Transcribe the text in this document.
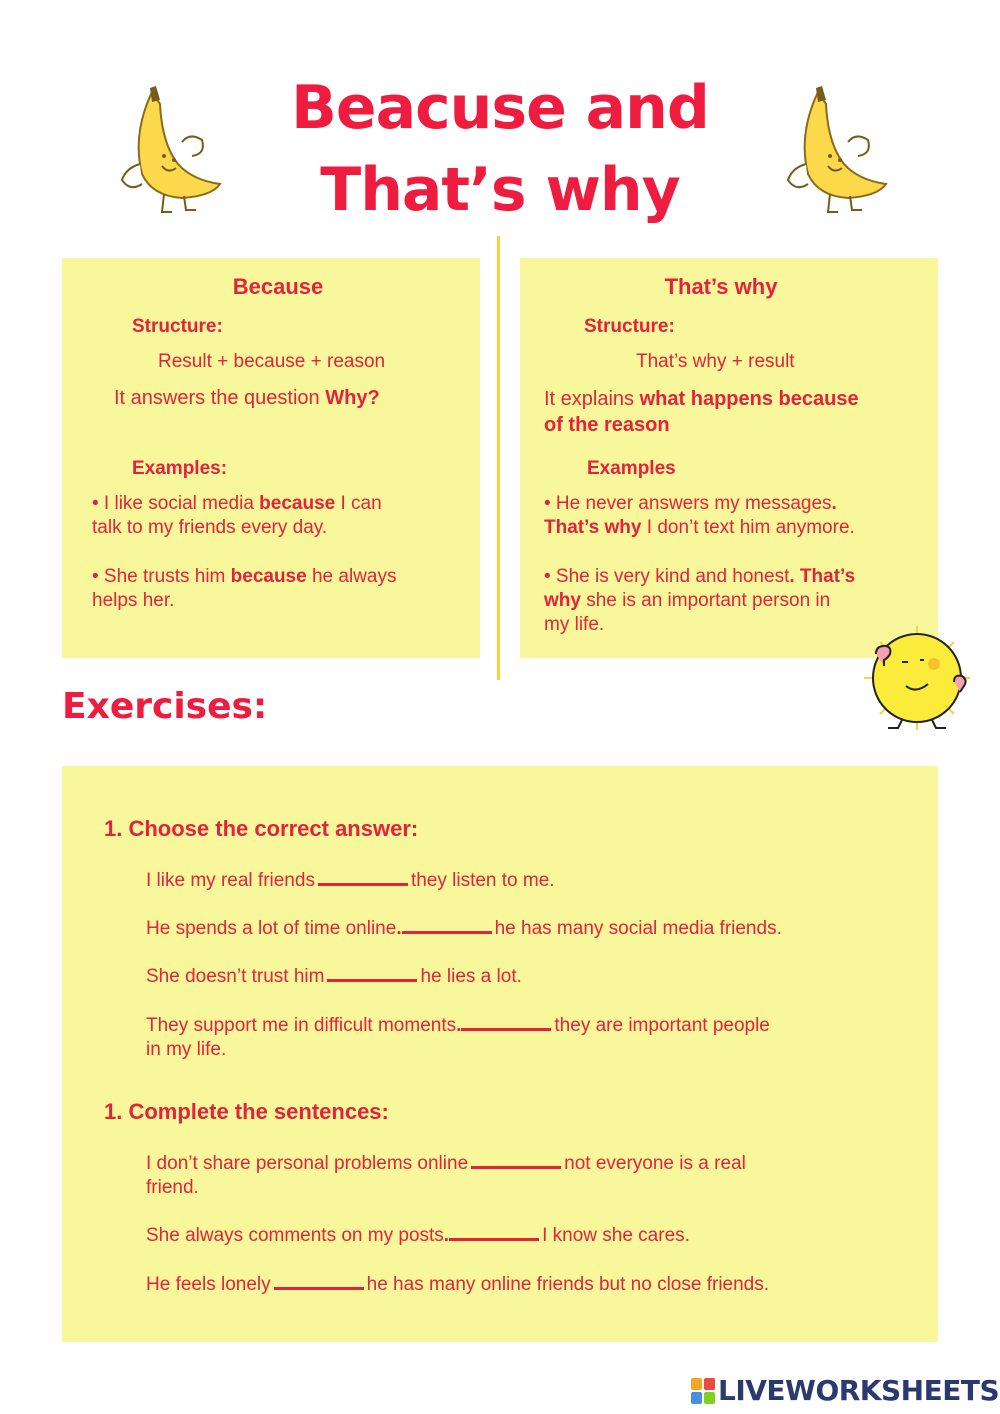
Beacuse and
That’s why
Because
Structure:
Result + because + reason
It answers the question Why?
Examples:
• I like social media because I can
talk to my friends every day.
• She trusts him because he always
helps her.
That’s why
Structure:
That’s why + result
It explains what happens because
of the reason
Examples
• He never answers my messages.
That’s why I don’t text him anymore.
• She is very kind and honest. That’s
why she is an important person in
my life.
Exercises:
1. Choose the correct answer:
I like my real friends	they listen to me.
He spends a lot of time online.	he has many social media friends.
She doesn’t trust him	he lies a lot.
They support me in difficult moments.	they are important people
in my life.
1. Complete the sentences:
I don’t share personal problems online	not everyone is a real
friend.
She always comments on my posts.	I know she cares.
He feels lonely	he has many online friends but no close friends.
LIVEWORKSHEETS
